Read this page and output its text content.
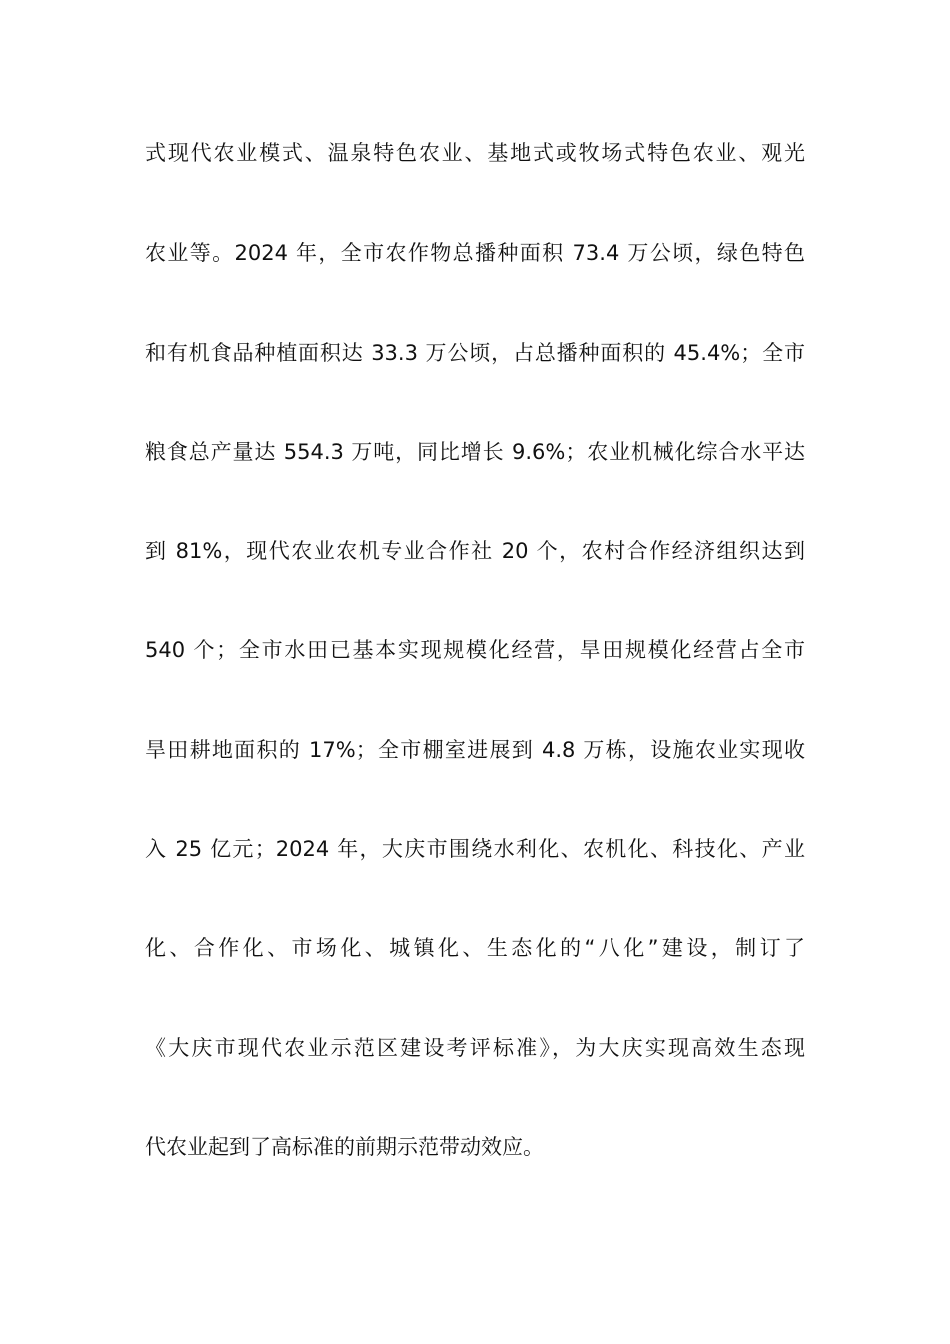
式现代农业模式、温泉特色农业、基地式或牧场式特色农业、观光
农业等。2024 年，全市农作物总播种面积 73.4 万公顷，绿色特色
和有机食品种植面积达 33.3 万公顷，占总播种面积的 45.4%；全市
粮食总产量达 554.3 万吨，同比增长 9.6%；农业机械化综合水平达
到 81%，现代农业农机专业合作社 20 个，农村合作经济组织达到
540 个；全市水田已基本实现规模化经营，旱田规模化经营占全市
旱田耕地面积的 17%；全市棚室进展到 4.8 万栋，设施农业实现收
入 25 亿元；2024 年，大庆市围绕水利化、农机化、科技化、产业
化、合作化、市场化、城镇化、生态化的“八化”建设，制订了
《大庆市现代农业示范区建设考评标准》，为大庆实现高效生态现
代农业起到了高标准的前期示范带动效应。
